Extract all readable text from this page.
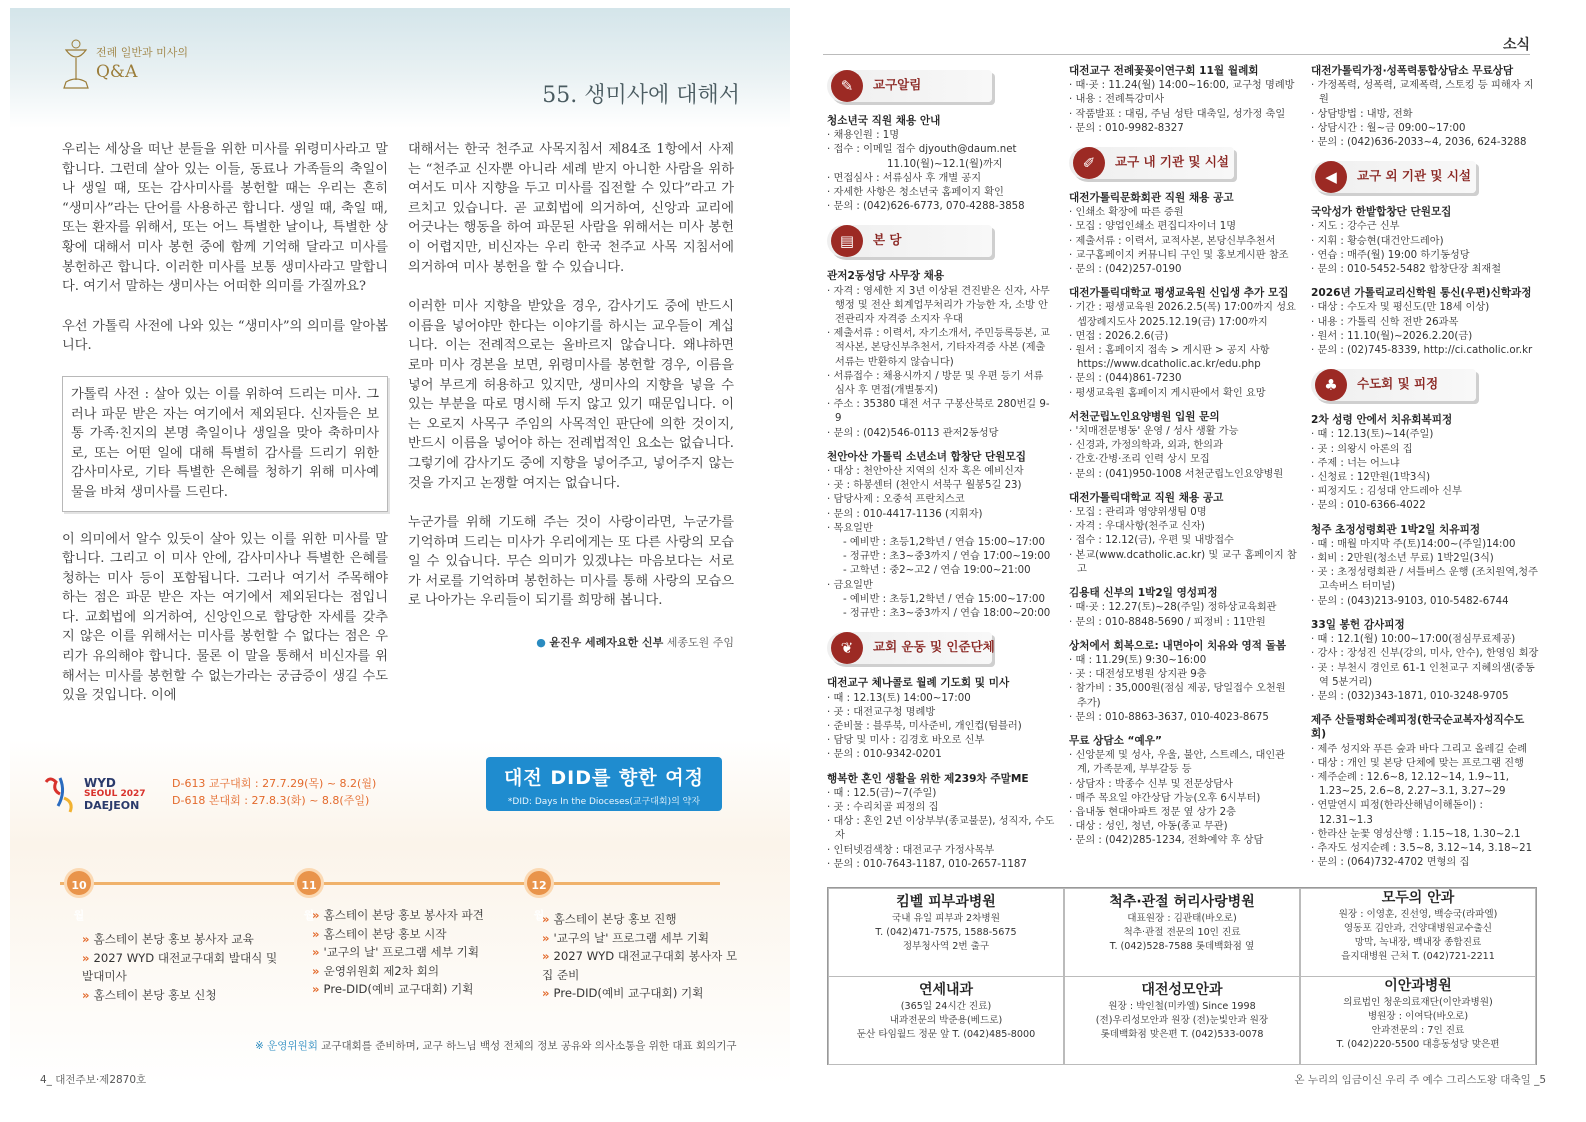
전례 일반과 미사의
Q&A
55. 생미사에 대해서

우리는 세상을 떠난 분들을 위한 미사를 위령미사라고 말합니다. 그런데 살아 있는 이들, 동료나 가족들의 축일이나 생일 때, 또는 감사미사를 봉헌할 때는 우리는 흔히 “생미사”라는 단어를 사용하곤 합니다. 생일 때, 축일 때, 또는 환자를 위해서, 또는 어느 특별한 날이나, 특별한 상황에 대해서 미사 봉헌 중에 함께 기억해 달라고 미사를 봉헌하곤 합니다. 이러한 미사를 보통 생미사라고 말합니다. 여기서 말하는 생미사는 어떠한 의미를 가질까요?

우선 가톨릭 사전에 나와 있는 “생미사”의 의미를 알아봅니다.

가톨릭 사전 : 살아 있는 이를 위하여 드리는 미사. 그러나 파문 받은 자는 여기에서 제외된다. 신자들은 보통 가족·친지의 본명 축일이나 생일을 맞아 축하미사로, 또는 어떤 일에 대해 특별히 감사를 드리기 위한 감사미사로, 기타 특별한 은혜를 청하기 위해 미사예물을 바쳐 생미사를 드린다.

이 의미에서 알수 있듯이 살아 있는 이를 위한 미사를 말합니다. 그리고 이 미사 안에, 감사미사나 특별한 은혜를 청하는 미사 등이 포함됩니다. 그러나 여기서 주목해야 하는 점은 파문 받은 자는 여기에서 제외된다는 점입니다. 교회법에 의거하여, 신앙인으로 합당한 자세를 갖추지 않은 이를 위해서는 미사를 봉헌할 수 없다는 점은 우리가 유의해야 합니다. 물론 이 말을 통해서 비신자를 위해서는 미사를 봉헌할 수 없는가라는 궁금증이 생길 수도 있을 것입니다. 이에

대해서는 한국 천주교 사목지침서 제84조 1항에서 사제는 “천주교 신자뿐 아니라 세례 받지 아니한 사람을 위하여서도 미사 지향을 두고 미사를 집전할 수 있다”라고 가르치고 있습니다. 곧 교회법에 의거하여, 신앙과 교리에 어긋나는 행동을 하여 파문된 사람을 위해서는 미사 봉헌이 어렵지만, 비신자는 우리 한국 천주교 사목 지침서에 의거하여 미사 봉헌을 할 수 있습니다.

이러한 미사 지향을 받았을 경우, 감사기도 중에 반드시 이름을 넣어야만 한다는 이야기를 하시는 교우들이 계십니다. 이는 전례적으로는 올바르지 않습니다. 왜냐하면 로마 미사 경본을 보면, 위령미사를 봉헌할 경우, 이름을 넣어 부르게 허용하고 있지만, 생미사의 지향을 넣을 수 있는 부분을 따로 명시해 두지 않고 있기 때문입니다. 이는 오로지 사목구 주임의 사목적인 판단에 의한 것이지, 반드시 이름을 넣어야 하는 전례법적인 요소는 없습니다. 그렇기에 감사기도 중에 지향을 넣어주고, 넣어주지 않는 것을 가지고 논쟁할 여지는 없습니다.

누군가를 위해 기도해 주는 것이 사랑이라면, 누군가를 기억하며 드리는 미사가 우리에게는 또 다른 사랑의 모습일 수 있습니다. 무슨 의미가 있겠냐는 마음보다는 서로가 서로를 기억하며 봉헌하는 미사를 통해 사랑의 모습으로 나아가는 우리들이 되기를 희망해 봅니다.

● 윤진우 세례자요한 신부 세종도원 주임
WYD
SEOUL 2027
DAEJEON
D-613 교구대회 : 27.7.29(목) ~ 8.2(월)
D-618 본대회 : 27.8.3(화) ~ 8.8(주일)
대전 DID를 향한 여정
*DID: Days In the Dioceses(교구대회)의 약자
10월
11월
12월
» 홈스테이 본당 홍보 봉사자 교육
» 2027 WYD 대전교구대회 발대식 및 발대미사
» 홈스테이 본당 홍보 신청
» 홈스테이 본당 홍보 봉사자 파견
» 홈스테이 본당 홍보 시작
» '교구의 날' 프로그램 세부 기획
» 운영위원회 제2차 회의
» Pre-DID(예비 교구대회) 기획
» 홈스테이 본당 홍보 진행
» '교구의 날' 프로그램 세부 기획
» 2027 WYD 대전교구대회 봉사자 모집 준비
» Pre-DID(예비 교구대회) 기획
※ 운영위원회 교구대회를 준비하며, 교구 하느님 백성 전체의 정보 공유와 의사소통을 위한 대표 회의기구
4_ 대전주보·제2870호
소식
✎	교구알림
청소년국 직원 채용 안내
· 채용인원 : 1명
· 접수 : 이메일 접수 djyouth@daum.net
11.10(월)~12.1(월)까지
· 면접심사 : 서류심사 후 개별 공지
· 자세한 사항은 청소년국 홈페이지 확인
· 문의 : (042)626-6773, 070-4288-3858
▤	본 당
관저2동성당 사무장 채용
· 자격 : 영세한 지 3년 이상된 견진받은 신자, 사무행정 및 전산 회계업무처리가 가능한 자, 소방 안전관리자 자격증 소지자 우대
· 제출서류 : 이력서, 자기소개서, 주민등록등본, 교적사본, 본당신부추천서, 기타자격증 사본 (제출서류는 반환하지 않습니다)
· 서류접수 : 채용시까지 / 방문 및 우편 등기 서류 심사 후 면접(개별통지)
· 주소 : 35380 대전 서구 구봉산북로 280번길 9-9
· 문의 : (042)546-0113 관저2동성당
천안아산 가톨릭 소년소녀 합창단 단원모집
· 대상 : 천안아산 지역의 신자 혹은 예비신자
· 곳 : 하봉센터 (천안시 서북구 월봉5길 23)
· 담당사제 : 오중석 프란치스코
· 문의 : 010-4417-1136 (지휘자)
· 목요일반
- 예비반 : 초등1,2학년 / 연습 15:00~17:00
- 정규반 : 초3~중3까지 / 연습 17:00~19:00
- 고학년 : 중2~고2 / 연습 19:00~21:00
· 금요일반
- 예비반 : 초등1,2학년 / 연습 15:00~17:00
- 정규반 : 초3~중3까지 / 연습 18:00~20:00
❦	교회 운동 및 인준단체
대전교구 체나콜로 월례 기도회 및 미사
· 때 : 12.13(토) 14:00~17:00
· 곳 : 대전교구청 명례방
· 준비물 : 블루북, 미사준비, 개인컵(텀블러)
· 담당 및 미사 : 김경호 바오로 신부
· 문의 : 010-9342-0201
행복한 혼인 생활을 위한 제239차 주말ME
· 때 : 12.5(금)~7(주일)
· 곳 : 수리치골 피정의 집
· 대상 : 혼인 2년 이상부부(종교불문), 성직자, 수도자
· 인터넷검색창 : 대전교구 가정사목부
· 문의 : 010-7643-1187, 010-2657-1187
대전교구 전례꽃꽂이연구회 11월 월례회
· 때·곳 : 11.24(월) 14:00~16:00, 교구청 명례방
· 내용 : 전례특강미사
· 작품발표 : 대림, 주님 성탄 대축일, 성가정 축일
· 문의 : 010-9982-8327
✐	교구 내 기관 및 시설
대전가톨릭문화회관 직원 채용 공고
· 인쇄소 확장에 따른 증원
· 모집 : 양업인쇄소 편집디자이너 1명
· 제출서류 : 이력서, 교적사본, 본당신부추천서
· 교구홈페이지 커뮤니티 구인 및 홍보게시판 참조
· 문의 : (042)257-0190
대전가톨릭대학교 평생교육원 신입생 추가 모집
· 기간 : 평생교육원 2026.2.5(목) 17:00까지 성요셉장례지도사 2025.12.19(금) 17:00까지
· 면접 : 2026.2.6(금)
· 원서 : 홈페이지 접속 > 게시판 > 공지 사항 https://www.dcatholic.ac.kr/edu.php
· 문의 : (044)861-7230
· 평생교육원 홈페이지 게시판에서 확인 요망
서천군립노인요양병원 입원 문의
· '치매전문병동' 운영 / 성사 생활 가능
· 신경과, 가정의학과, 외과, 한의과
· 간호·간병·조리 인력 상시 모집
· 문의 : (041)950-1008 서천군립노인요양병원
대전가톨릭대학교 직원 채용 공고
· 모집 : 관리과 영양위생팀 0명
· 자격 : 우대사항(천주교 신자)
· 접수 : 12.12(금), 우편 및 내방접수
· 본교(www.dcatholic.ac.kr) 및 교구 홈페이지 참고
김용태 신부의 1박2일 영성피정
· 때·곳 : 12.27(토)~28(주일) 정하상교육회관
· 문의 : 010-8848-5690 / 피정비 : 11만원
상처에서 회복으로: 내면아이 치유와 영적 돌봄
· 때 : 11.29(토) 9:30~16:00
· 곳 : 대전성모병원 상지관 9층
· 참가비 : 35,000원(점심 제공, 당일접수 오천원 추가)
· 문의 : 010-8863-3637, 010-4023-8675
무료 상담소 “예우”
· 신앙문제 및 성사, 우울, 불안, 스트레스, 대인관계, 가족문제, 부부갈등 등
· 상담자 : 박종수 신부 및 전문상담사
· 매주 목요일 야간상담 가능(오후 6시부터)
· 읍내동 현대아파트 정문 옆 상가 2층
· 대상 : 성인, 청년, 아동(종교 무관)
· 문의 : (042)285-1234, 전화예약 후 상담
대전가톨릭가정·성폭력통합상담소 무료상담
· 가정폭력, 성폭력, 교제폭력, 스토킹 등 피해자 지원
· 상담방법 : 내방, 전화
· 상담시간 : 월~금 09:00~17:00
· 문의 : (042)636-2033~4, 2036, 624-3288
◀	교구 외 기관 및 시설
국악성가 한밭합창단 단원모집
· 지도 : 강수근 신부
· 지휘 : 황승현(대건안드레아)
· 연습 : 매주(월) 19:00 하기동성당
· 문의 : 010-5452-5482 합창단장 최재철
2026년 가톨릭교리신학원 통신(우편)신학과정
· 대상 : 수도자 및 평신도(만 18세 이상)
· 내용 : 가톨릭 신학 전반 26과목
· 원서 : 11.10(월)~2026.2.20(금)
· 문의 : (02)745-8339, http://ci.catholic.or.kr
♣	수도회 및 피정
2차 성령 안에서 치유회복피정
· 때 : 12.13(토)~14(주일)
· 곳 : 의왕시 아론의 집
· 주제 : 너는 어느냐
· 신청료 : 12만원(1박3식)
· 피정지도 : 김성대 안드레아 신부
· 문의 : 010-6366-4022
청주 초정성령회관 1박2일 치유피정
· 때 : 매월 마지막 주(토)14:00~(주일)14:00
· 회비 : 2만원(청소년 무료) 1박2일(3식)
· 곳 : 초정성령회관 / 셔틀버스 운행 (조치원역,청주고속버스 터미널)
· 문의 : (043)213-9103, 010-5482-6744
33일 봉헌 감사피정
· 때 : 12.1(월) 10:00~17:00(점심무료제공)
· 강사 : 장성진 신부(강의, 미사, 안수), 한영임 회장
· 곳 : 부천시 경인로 61-1 인천교구 지혜의샘(중동역 5분거리)
· 문의 : (032)343-1871, 010-3248-9705
제주 산들평화순례피정(한국순교복자성직수도회)
· 제주 성지와 푸른 숲과 바다 그리고 올레길 순례
· 대상 : 개인 및 본당 단체에 맞는 프로그램 진행
· 제주순례 : 12.6~8, 12.12~14, 1.9~11, 1.23~25, 2.6~8, 2.27~3.1, 3.27~29
· 연말연시 피정(한라산해넘이해돋이) : 12.31~1.3
· 한라산 눈꽃 영성산행 : 1.15~18, 1.30~2.1
· 추자도 성지순례 : 3.5~8, 3.12~14, 3.18~21
· 문의 : (064)732-4702 면형의 집
킴벨 피부과병원
국내 유일 피부과 2차병원
T. (042)471-7575, 1588-5675
정부청사역 2번 출구
척추·관절 허리사랑병원
대표원장 : 김관태(바오로)
척추·관절 전문의 10인 진료
T. (042)528-7588 롯데백화점 옆
모두의 안과
원장 : 이영훈, 진선영, 백승국(라파엘)
영동포 김안과, 건양대병원교수출신
망막, 녹내장, 백내장 종합진료
을지대병원 근처 T. (042)721-2211
연세내과
(365일 24시간 진료)
내과전문의 박준용(베드로)
둔산 타임월드 정문 앞 T. (042)485-8000
대전성모안과
원장 : 박인철(미카엘) Since 1998
(전)우리성모안과 원장 (전)눈빛안과 원장
롯데백화점 맞은편 T. (042)533-0078
이안과병원
의료법인 청운의료재단(이안과병원)
병원장 : 이여닥(바오로)
안과전문의 : 7인 진료
T. (042)220-5500 대흥동성당 맞은편
온 누리의 임금이신 우리 주 예수 그리스도왕 대축일 _5
